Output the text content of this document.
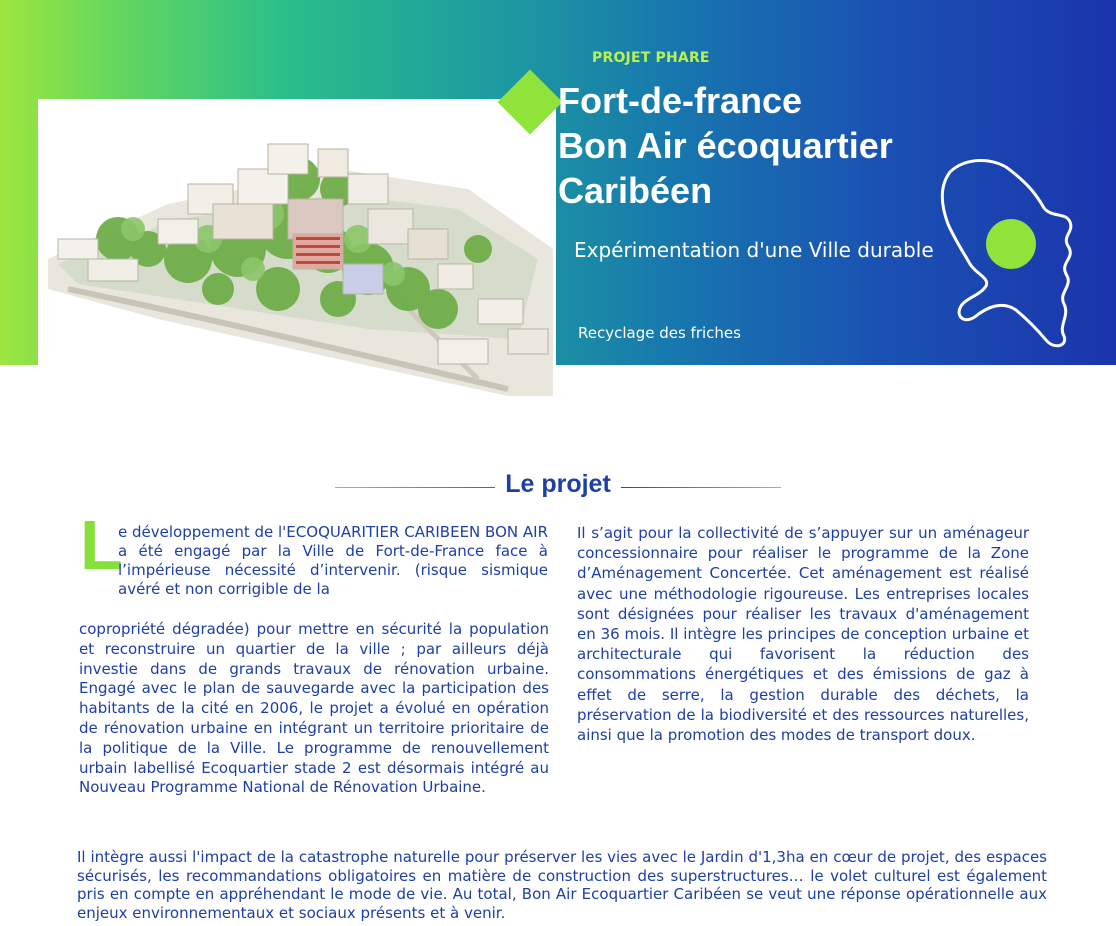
PROJET PHARE
Fort-de-france
Bon Air écoquartier
Caribéen
Expérimentation d'une Ville durable
Recyclage des friches
Le projet
L

e développement de l'ECOQUARITIER CARIBEEN BON AIR a été engagé par la Ville de Fort-de-France face à l’impérieuse nécessité d’intervenir. (risque sismique avéré et non corrigible de la

copropriété dégradée) pour mettre en sécurité la population et reconstruire un quartier de la ville ; par ailleurs déjà investie dans de grands travaux de rénovation urbaine. Engagé avec le plan de sauvegarde avec la participation des habitants de la cité en 2006, le projet a évolué en opération de rénovation urbaine en intégrant un territoire prioritaire de la politique de la Ville. Le programme de renouvellement urbain labellisé Ecoquartier stade 2 est désormais intégré au Nouveau Programme National de Rénovation Urbaine.

Il s’agit pour la collectivité de s’appuyer sur un aménageur concessionnaire pour réaliser le programme de la Zone d’Aménagement Concertée. Cet aménagement est réalisé avec une méthodologie rigoureuse. Les entreprises locales sont désignées pour réaliser les travaux d'aménagement en 36 mois. Il intègre les principes de conception urbaine et architecturale qui favorisent la réduction des consommations énergétiques et des émissions de gaz à effet de serre, la gestion durable des déchets, la préservation de la biodiversité et des ressources naturelles, ainsi que la promotion des modes de transport doux.

Il intègre aussi l'impact de la catastrophe naturelle pour préserver les vies avec le Jardin d'1,3ha en cœur de projet, des espaces sécurisés, les recommandations obligatoires en matière de construction des superstructures… le volet culturel est également pris en compte en appréhendant le mode de vie. Au total, Bon Air Ecoquartier Caribéen se veut une réponse opérationnelle aux enjeux environnementaux et sociaux présents et à venir.
